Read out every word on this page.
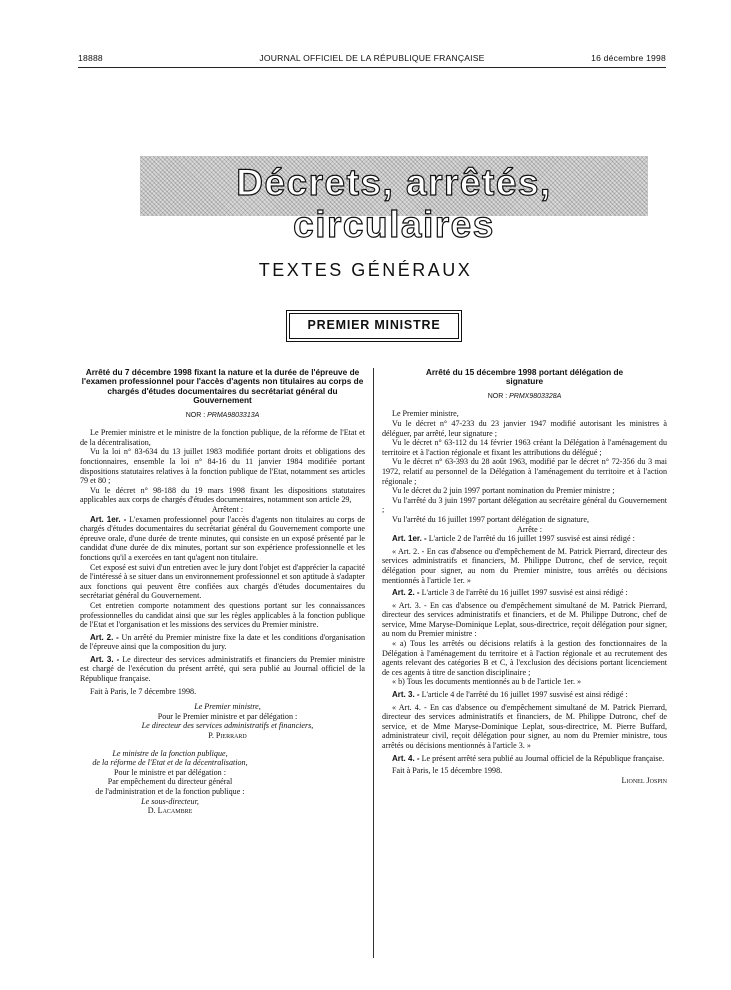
18888	JOURNAL OFFICIEL DE LA RÉPUBLIQUE FRANÇAISE	16 décembre 1998
Décrets, arrêtés, circulaires
TEXTES GÉNÉRAUX
PREMIER MINISTRE
Arrêté du 7 décembre 1998 fixant la nature et la durée de l'épreuve de l'examen professionnel pour l'accès d'agents non titulaires au corps de chargés d'études documentaires du secrétariat général du Gouvernement
NOR : PRMA9803313A

Le Premier ministre et le ministre de la fonction publique, de la réforme de l'Etat et de la décentralisation,

Vu la loi n° 83-634 du 13 juillet 1983 modifiée portant droits et obligations des fonctionnaires, ensemble la loi n° 84-16 du 11 janvier 1984 modifiée portant dispositions statutaires relatives à la fonction publique de l'Etat, notamment ses articles 79 et 80 ;

Vu le décret n° 98-188 du 19 mars 1998 fixant les dispositions statutaires applicables aux corps de chargés d'études documentaires, notamment son article 29,

Arrêtent :

Art. 1er. - L'examen professionnel pour l'accès d'agents non titulaires au corps de chargés d'études documentaires du secrétariat général du Gouvernement comporte une épreuve orale, d'une durée de trente minutes, qui consiste en un exposé présenté par le candidat d'une durée de dix minutes, portant sur son expérience professionnelle et les fonctions qu'il a exercées en tant qu'agent non titulaire.

Cet exposé est suivi d'un entretien avec le jury dont l'objet est d'apprécier la capacité de l'intéressé à se situer dans un environnement professionnel et son aptitude à s'adapter aux fonctions qui peuvent être confiées aux chargés d'études documentaires du secrétariat général du Gouvernement.

Cet entretien comporte notamment des questions portant sur les connaissances professionnelles du candidat ainsi que sur les règles applicables à la fonction publique de l'Etat et l'organisation et les missions des services du Premier ministre.

Art. 2. - Un arrêté du Premier ministre fixe la date et les conditions d'organisation de l'épreuve ainsi que la composition du jury.

Art. 3. - Le directeur des services administratifs et financiers du Premier ministre est chargé de l'exécution du présent arrêté, qui sera publié au Journal officiel de la République française.

Fait à Paris, le 7 décembre 1998.

Le Premier ministre,

Pour le Premier ministre et par délégation :

Le directeur des services administratifs et financiers,

P. Pierrard

Le ministre de la fonction publique,

de la réforme de l'Etat et de la décentralisation,

Pour le ministre et par délégation :

Par empêchement du directeur général

de l'administration et de la fonction publique :

Le sous-directeur,

D. Lacambre

Arrêté du 15 décembre 1998 portant délégation de signature
NOR : PRMX9803328A

Le Premier ministre,

Vu le décret n° 47-233 du 23 janvier 1947 modifié autorisant les ministres à déléguer, par arrêté, leur signature ;

Vu le décret n° 63-112 du 14 février 1963 créant la Délégation à l'aménagement du territoire et à l'action régionale et fixant les attributions du délégué ;

Vu le décret n° 63-393 du 28 août 1963, modifié par le décret n° 72-356 du 3 mai 1972, relatif au personnel de la Délégation à l'aménagement du territoire et à l'action régionale ;

Vu le décret du 2 juin 1997 portant nomination du Premier ministre ;

Vu l'arrêté du 3 juin 1997 portant délégation au secrétaire général du Gouvernement ;

Vu l'arrêté du 16 juillet 1997 portant délégation de signature,

Arrête :

Art. 1er. - L'article 2 de l'arrêté du 16 juillet 1997 susvisé est ainsi rédigé :

« Art. 2. - En cas d'absence ou d'empêchement de M. Patrick Pierrard, directeur des services administratifs et financiers, M. Philippe Dutronc, chef de service, reçoit délégation pour signer, au nom du Premier ministre, tous arrêtés ou décisions mentionnés à l'article 1er. »

Art. 2. - L'article 3 de l'arrêté du 16 juillet 1997 susvisé est ainsi rédigé :

« Art. 3. - En cas d'absence ou d'empêchement simultané de M. Patrick Pierrard, directeur des services administratifs et financiers, et de M. Philippe Dutronc, chef de service, Mme Maryse-Dominique Leplat, sous-directrice, reçoit délégation pour signer, au nom du Premier ministre :

« a) Tous les arrêtés ou décisions relatifs à la gestion des fonctionnaires de la Délégation à l'aménagement du territoire et à l'action régionale et au recrutement des agents relevant des catégories B et C, à l'exclusion des décisions portant licenciement de ces agents à titre de sanction disciplinaire ;

« b) Tous les documents mentionnés au b de l'article 1er. »

Art. 3. - L'article 4 de l'arrêté du 16 juillet 1997 susvisé est ainsi rédigé :

« Art. 4. - En cas d'absence ou d'empêchement simultané de M. Patrick Pierrard, directeur des services administratifs et financiers, de M. Philippe Dutronc, chef de service, et de Mme Maryse-Dominique Leplat, sous-directrice, M. Pierre Buffard, administrateur civil, reçoit délégation pour signer, au nom du Premier ministre, tous arrêtés ou décisions mentionnés à l'article 3. »

Art. 4. - Le présent arrêté sera publié au Journal officiel de la République française.

Fait à Paris, le 15 décembre 1998.

Lionel Jospin
